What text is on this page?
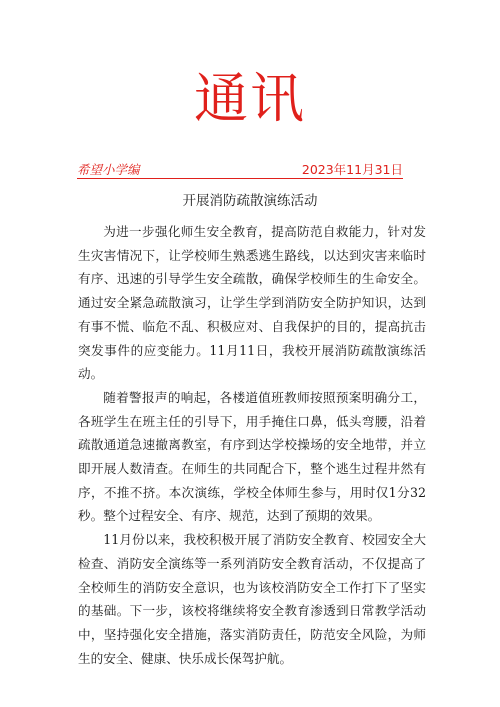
通讯
希望小学编	2023年11月31日
开展消防疏散演练活动

为进一步强化师生安全教育，提高防范自救能力，针对发生灾害情况下，让学校师生熟悉逃生路线，以达到灾害来临时有序、迅速的引导学生安全疏散，确保学校师生的生命安全。通过安全紧急疏散演习，让学生学到消防安全防护知识，达到有事不慌、临危不乱、积极应对、自我保护的目的，提高抗击突发事件的应变能力。11月11日，我校开展消防疏散演练活动。

随着警报声的响起，各楼道值班教师按照预案明确分工，各班学生在班主任的引导下，用手掩住口鼻，低头弯腰，沿着疏散通道急速撤离教室，有序到达学校操场的安全地带，并立即开展人数清查。在师生的共同配合下，整个逃生过程井然有序，不推不挤。本次演练，学校全体师生参与，用时仅1分32秒。整个过程安全、有序、规范，达到了预期的效果。

11月份以来，我校积极开展了消防安全教育、校园安全大检查、消防安全演练等一系列消防安全教育活动，不仅提高了全校师生的消防安全意识，也为该校消防安全工作打下了坚实的基础。下一步，该校将继续将安全教育渗透到日常教学活动中，坚持强化安全措施，落实消防责任，防范安全风险，为师生的安全、健康、快乐成长保驾护航。
